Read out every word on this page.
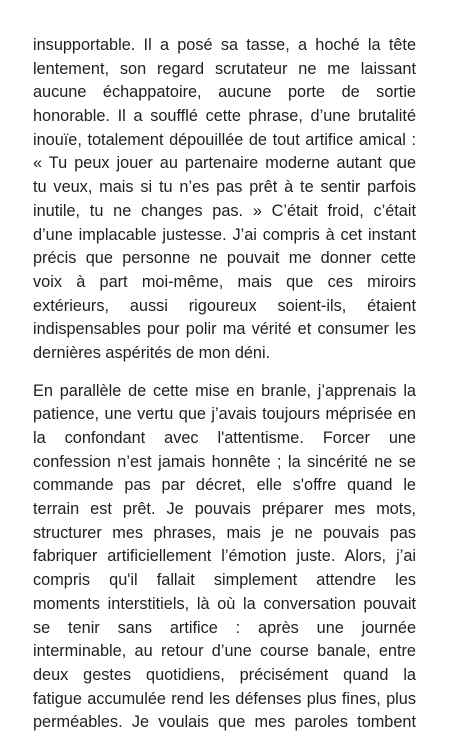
insupportable. Il a posé sa tasse, a hoché la tête
lentement, son regard scrutateur ne me laissant
aucune échappatoire, aucune porte de sortie
honorable. Il a soufflé cette phrase, d’une brutalité
inouïe, totalement dépouillée de tout artifice amical :
« Tu peux jouer au partenaire moderne autant que
tu veux, mais si tu n’es pas prêt à te sentir parfois
inutile, tu ne changes pas. » C’était froid, c’était
d’une implacable justesse. J’ai compris à cet instant
précis que personne ne pouvait me donner cette
voix à part moi-même, mais que ces miroirs
extérieurs, aussi rigoureux soient-ils, étaient
indispensables pour polir ma vérité et consumer les
dernières aspérités de mon déni.
En parallèle de cette mise en branle, j’apprenais la
patience, une vertu que j’avais toujours méprisée en
la confondant avec l'attentisme. Forcer une
confession n’est jamais honnête ; la sincérité ne se
commande pas par décret, elle s'offre quand le
terrain est prêt. Je pouvais préparer mes mots,
structurer mes phrases, mais je ne pouvais pas
fabriquer artificiellement l’émotion juste. Alors, j’ai
compris qu'il fallait simplement attendre les
moments interstitiels, là où la conversation pouvait
se tenir sans artifice : après une journée
interminable, au retour d’une course banale, entre
deux gestes quotidiens, précisément quand la
fatigue accumulée rend les défenses plus fines, plus
perméables. Je voulais que mes paroles tombent
